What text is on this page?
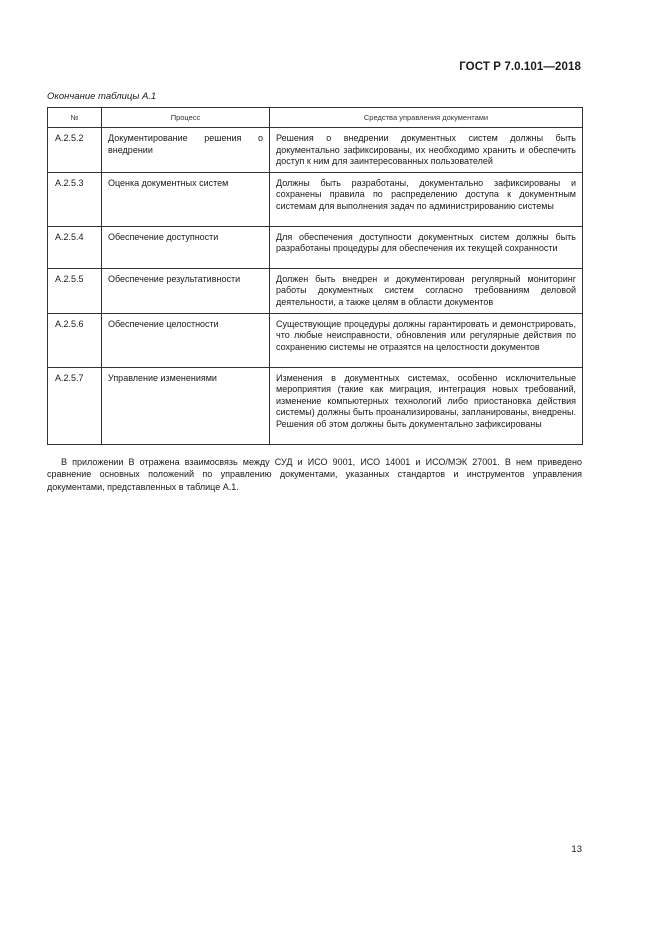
ГОСТ Р 7.0.101—2018
Окончание таблицы А.1
№	Процесс	Средства управления документами
А.2.5.2	Документирование решения о внедрении	Решения о внедрении документных систем должны быть документально зафиксированы, их необходимо хранить и обеспечить доступ к ним для заинтересованных пользователей
А.2.5.3	Оценка документных систем	Должны быть разработаны, документально зафиксированы и сохранены правила по распределению доступа к документным системам для выполнения задач по администрированию системы
А.2.5.4	Обеспечение доступности	Для обеспечения доступности документных систем должны быть разработаны процедуры для обеспечения их текущей сохранности
А.2.5.5	Обеспечение результативности	Должен быть внедрен и документирован регулярный мониторинг работы документных систем согласно требованиям деловой деятельности, а также целям в области документов
А.2.5.6	Обеспечение целостности	Существующие процедуры должны гарантировать и демонстрировать, что любые неисправности, обновления или регулярные действия по сохранению системы не отразятся на целостности документов
А.2.5.7	Управление изменениями	Изменения в документных системах, особенно исключительные мероприятия (такие как миграция, интеграция новых требований, изменение компьютерных технологий либо приостановка действия системы) должны быть проанализированы, запланированы, внедрены. Решения об этом должны быть документально зафиксированы

В приложении В отражена взаимосвязь между СУД и ИСО 9001, ИСО 14001 и ИСО/МЭК 27001. В нем приведено сравнение основных положений по управлению документами, указанных стандартов и инструментов управления документами, представленных в таблице А.1.

13
